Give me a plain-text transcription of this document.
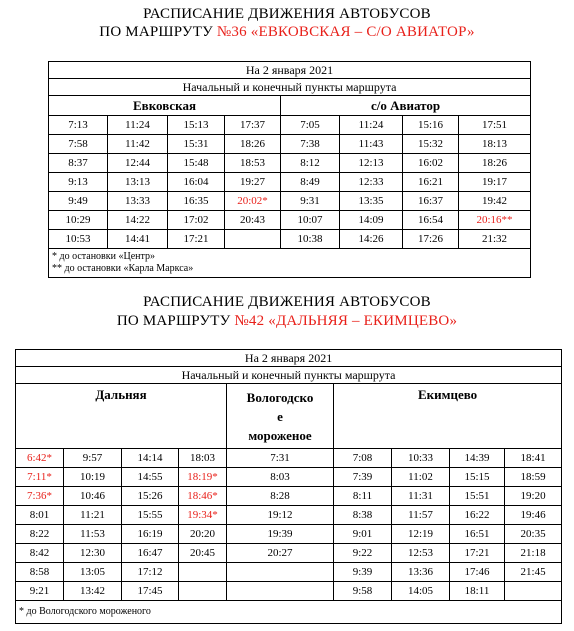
РАСПИСАНИЕ ДВИЖЕНИЯ АВТОБУСОВ
ПО МАРШРУТУ №36 «ЕВКОВСКАЯ – С/О АВИАТОР»
На 2 января 2021							
Начальный и конечный пункты маршрута							
Евковская				с/о Авиатор			
7:13	11:24	15:13	17:37	7:05	11:24	15:16	17:51
7:58	11:42	15:31	18:26	7:38	11:43	15:32	18:13
8:37	12:44	15:48	18:53	8:12	12:13	16:02	18:26
9:13	13:13	16:04	19:27	8:49	12:33	16:21	19:17
9:49	13:33	16:35	20:02*	9:31	13:35	16:37	19:42
10:29	14:22	17:02	20:43	10:07	14:09	16:54	20:16**
10:53	14:41	17:21		10:38	14:26	17:26	21:32

* до остановки «Центр»
** до остановки «Карла Маркса»							
РАСПИСАНИЕ ДВИЖЕНИЯ АВТОБУСОВ
ПО МАРШРУТУ №42 «ДАЛЬНЯЯ – ЕКИМЦЕВО»
На 2 января 2021								
Начальный и конечный пункты маршрута								
Дальняя				Вологодско
е
мороженое	Екимцево			
6:42*	9:57	14:14	18:03	7:31	7:08	10:33	14:39	18:41
7:11*	10:19	14:55	18:19*	8:03	7:39	11:02	15:15	18:59
7:36*	10:46	15:26	18:46*	8:28	8:11	11:31	15:51	19:20
8:01	11:21	15:55	19:34*	19:12	8:38	11:57	16:22	19:46
8:22	11:53	16:19	20:20	19:39	9:01	12:19	16:51	20:35
8:42	12:30	16:47	20:45	20:27	9:22	12:53	17:21	21:18
8:58	13:05	17:12			9:39	13:36	17:46	21:45
9:21	13:42	17:45			9:58	14:05	18:11	
* до Вологодского мороженого								
